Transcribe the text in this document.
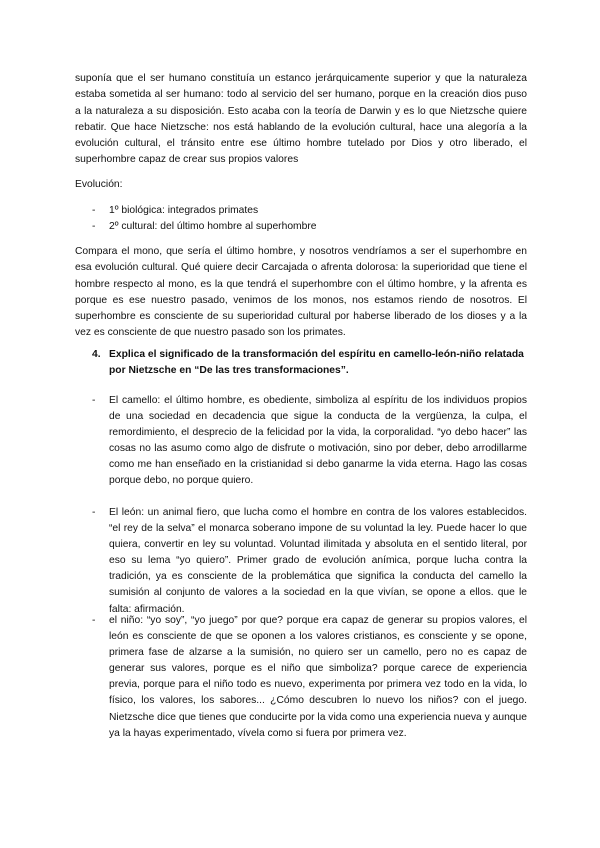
suponía que el ser humano constituía un estanco jerárquicamente superior y que la naturaleza estaba sometida al ser humano: todo al servicio del ser humano, porque en la creación dios puso a la naturaleza a su disposición. Esto acaba con la teoría de Darwin y es lo que Nietzsche quiere rebatir. Que hace Nietzsche: nos está hablando de la evolución cultural, hace una alegoría a la evolución cultural, el tránsito entre ese último hombre tutelado por Dios y otro liberado, el superhombre capaz de crear sus propios valores

Evolución:

- 1º biológica: integrados primates

- 2º cultural: del último hombre al superhombre

Compara el mono, que sería el último hombre, y nosotros vendríamos a ser el superhombre en esa evolución cultural. Qué quiere decir Carcajada o afrenta dolorosa: la superioridad que tiene el hombre respecto al mono, es la que tendrá el superhombre con el último hombre, y la afrenta es porque es ese nuestro pasado, venimos de los monos, nos estamos riendo de nosotros. El superhombre es consciente de su superioridad cultural por haberse liberado de los dioses y a la vez es consciente de que nuestro pasado son los primates.

4. Explica el significado de la transformación del espíritu en camello-león-niño relatada por Nietzsche en “De las tres transformaciones”.

- El camello: el último hombre, es obediente, simboliza al espíritu de los individuos propios de una sociedad en decadencia que sigue la conducta de la vergüenza, la culpa, el remordimiento, el desprecio de la felicidad por la vida, la corporalidad. “yo debo hacer” las cosas no las asumo como algo de disfrute o motivación, sino por deber, debo arrodillarme como me han enseñado en la cristianidad si debo ganarme la vida eterna. Hago las cosas porque debo, no porque quiero.

- El león: un animal fiero, que lucha como el hombre en contra de los valores establecidos. “el rey de la selva” el monarca soberano impone de su voluntad la ley. Puede hacer lo que quiera, convertir en ley su voluntad. Voluntad ilimitada y absoluta en el sentido literal, por eso su lema “yo quiero”. Primer grado de evolución anímica, porque lucha contra la tradición, ya es consciente de la problemática que significa la conducta del camello la sumisión al conjunto de valores a la sociedad en la que vivían, se opone a ellos. que le falta: afirmación.

- el niño: “yo soy”, “yo juego” por que? porque era capaz de generar su propios valores, el león es consciente de que se oponen a los valores cristianos, es consciente y se opone, primera fase de alzarse a la sumisión, no quiero ser un camello, pero no es capaz de generar sus valores, porque es el niño que simboliza? porque carece de experiencia previa, porque para el niño todo es nuevo, experimenta por primera vez todo en la vida, lo físico, los valores, los sabores... ¿Cómo descubren lo nuevo los niños? con el juego. Nietzsche dice que tienes que conducirte por la vida como una experiencia nueva y aunque ya la hayas experimentado, vívela como si fuera por primera vez.
